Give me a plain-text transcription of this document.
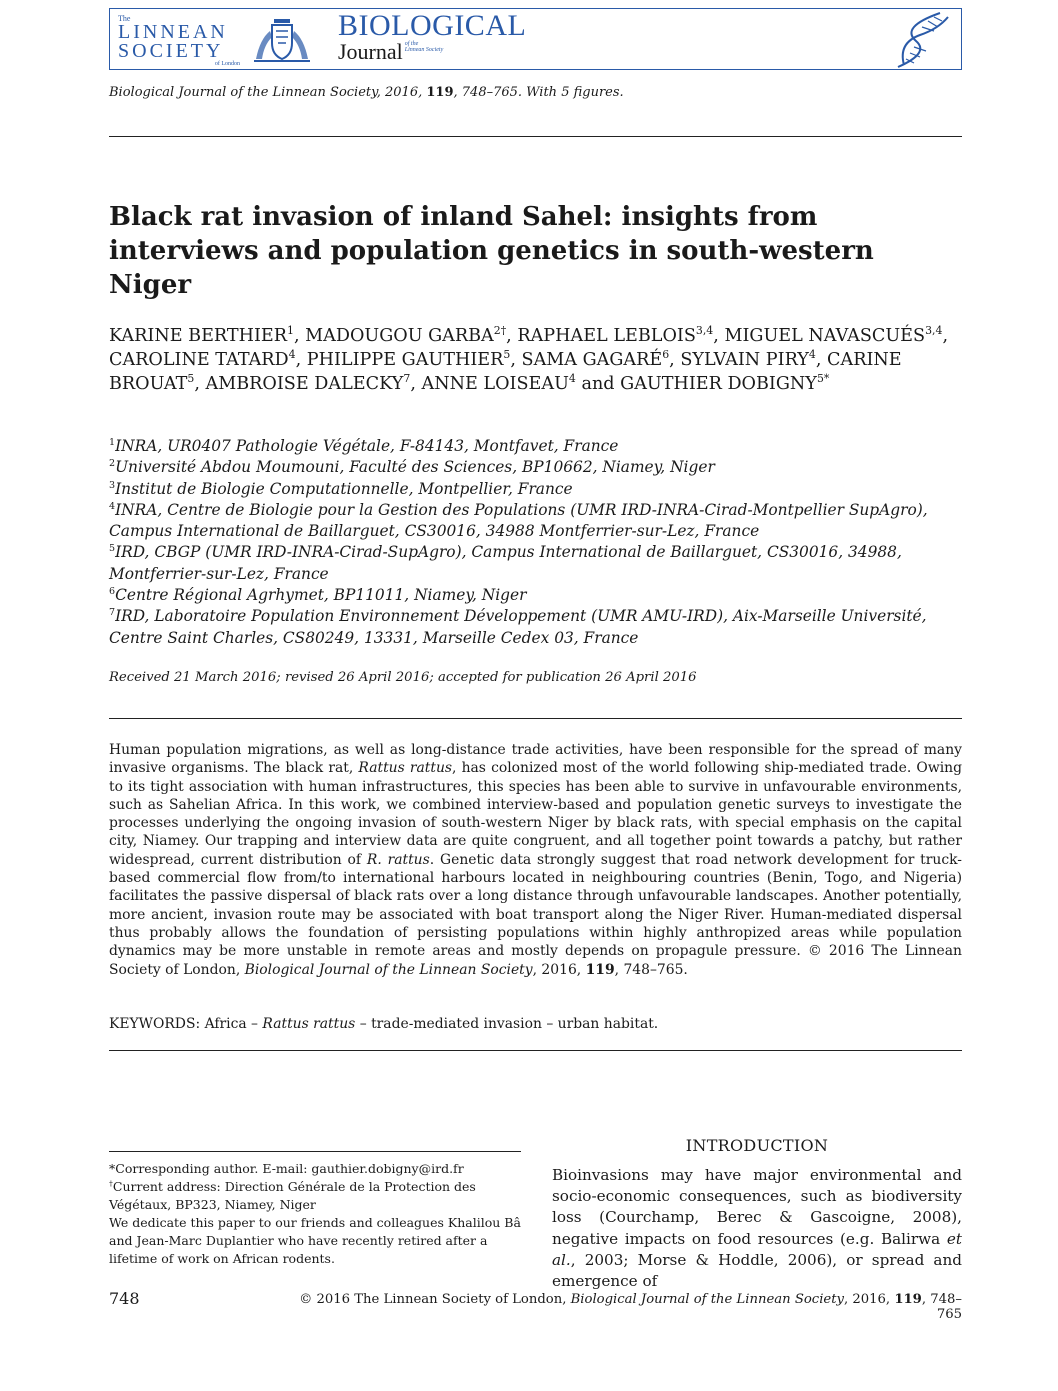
The
LINNEAN
SOCIETY
of London
BIOLOGICAL
Journal of the
Linnean Society
Biological Journal of the Linnean Society, 2016, 119, 748–765. With 5 figures.
Black rat invasion of inland Sahel: insights from interviews and population genetics in south-western Niger
KARINE BERTHIER$^1$, MADOUGOU $GARBA^{2\dagger}$, RAPHAEL LEBLOIS$^{3,4}$, MIGUEL NAVASCUÉS$^{3,4}$, CAROLINE TATARD$^4$, PHILIPPE GAUTHIER$^5$, SAMA GAGARÉ$^6$, SYLVAIN PIRY$^4$, CARINE BROUAT$^5$, AMBROISE DALECKY$^7$, ANNE LOISEAU$^4$ and GAUTHIER $DOBIGNY^{5*}$
$^1$INRA, UR0407 Pathologie Végétale, F-84143, Montfavet, France
$^2$Université Abdou Moumouni, Faculté des Sciences, BP10662, Niamey, Niger
$^3$Institut de Biologie Computationnelle, Montpellier, France
$^4$INRA, Centre de Biologie pour la Gestion des Populations (UMR IRD-INRA-Cirad-Montpellier SupAgro), Campus International de Baillarguet, CS30016, 34988 Montferrier-sur-Lez, France
$^5$IRD, CBGP (UMR IRD-INRA-Cirad-SupAgro), Campus International de Baillarguet, CS30016, 34988, Montferrier-sur-Lez, France
$^6$Centre Régional Agrhymet, BP11011, Niamey, Niger
$^7$IRD, Laboratoire Population Environnement Développement (UMR AMU-IRD), Aix-Marseille Université, Centre Saint Charles, CS80249, 13331, Marseille Cedex 03, France
Received 21 March 2016; revised 26 April 2016; accepted for publication 26 April 2016
Human population migrations, as well as long-distance trade activities, have been responsible for the spread of many invasive organisms. The black rat, Rattus rattus, has colonized most of the world following ship-mediated trade. Owing to its tight association with human infrastructures, this species has been able to survive in unfavourable environments, such as Sahelian Africa. In this work, we combined interview-based and population genetic surveys to investigate the processes underlying the ongoing invasion of south-western Niger by black rats, with special emphasis on the capital city, Niamey. Our trapping and interview data are quite congruent, and all together point towards a patchy, but rather widespread, current distribution of R. rattus. Genetic data strongly suggest that road network development for truck-based commercial flow from/to international harbours located in neighbouring countries (Benin, Togo, and Nigeria) facilitates the passive dispersal of black rats over a long distance through unfavourable landscapes. Another potentially, more ancient, invasion route may be associated with boat transport along the Niger River. Human-mediated dispersal thus probably allows the foundation of persisting populations within highly anthropized areas while population dynamics may be more unstable in remote areas and mostly depends on propagule pressure. © 2016 The Linnean Society of London, Biological Journal of the Linnean Society, 2016, 119, 748–765.
KEYWORDS: Africa – Rattus rattus – trade-mediated invasion – urban habitat.
INTRODUCTION
Bioinvasions may have major environmental and socio-economic consequences, such as biodiversity loss (Courchamp, Berec & Gascoigne, 2008), negative impacts on food resources (e.g. Balirwa et al., 2003; Morse & Hoddle, 2006), or spread and emergence of
*Corresponding author. E-mail: gauthier.dobigny@ird.fr
†Current address: Direction Générale de la Protection des Végétaux, BP323, Niamey, Niger
We dedicate this paper to our friends and colleagues Khalilou Bâ and Jean-Marc Duplantier who have recently retired after a lifetime of work on African rodents.
748	© 2016 The Linnean Society of London, Biological Journal of the Linnean Society, 2016, 119, 748–765
